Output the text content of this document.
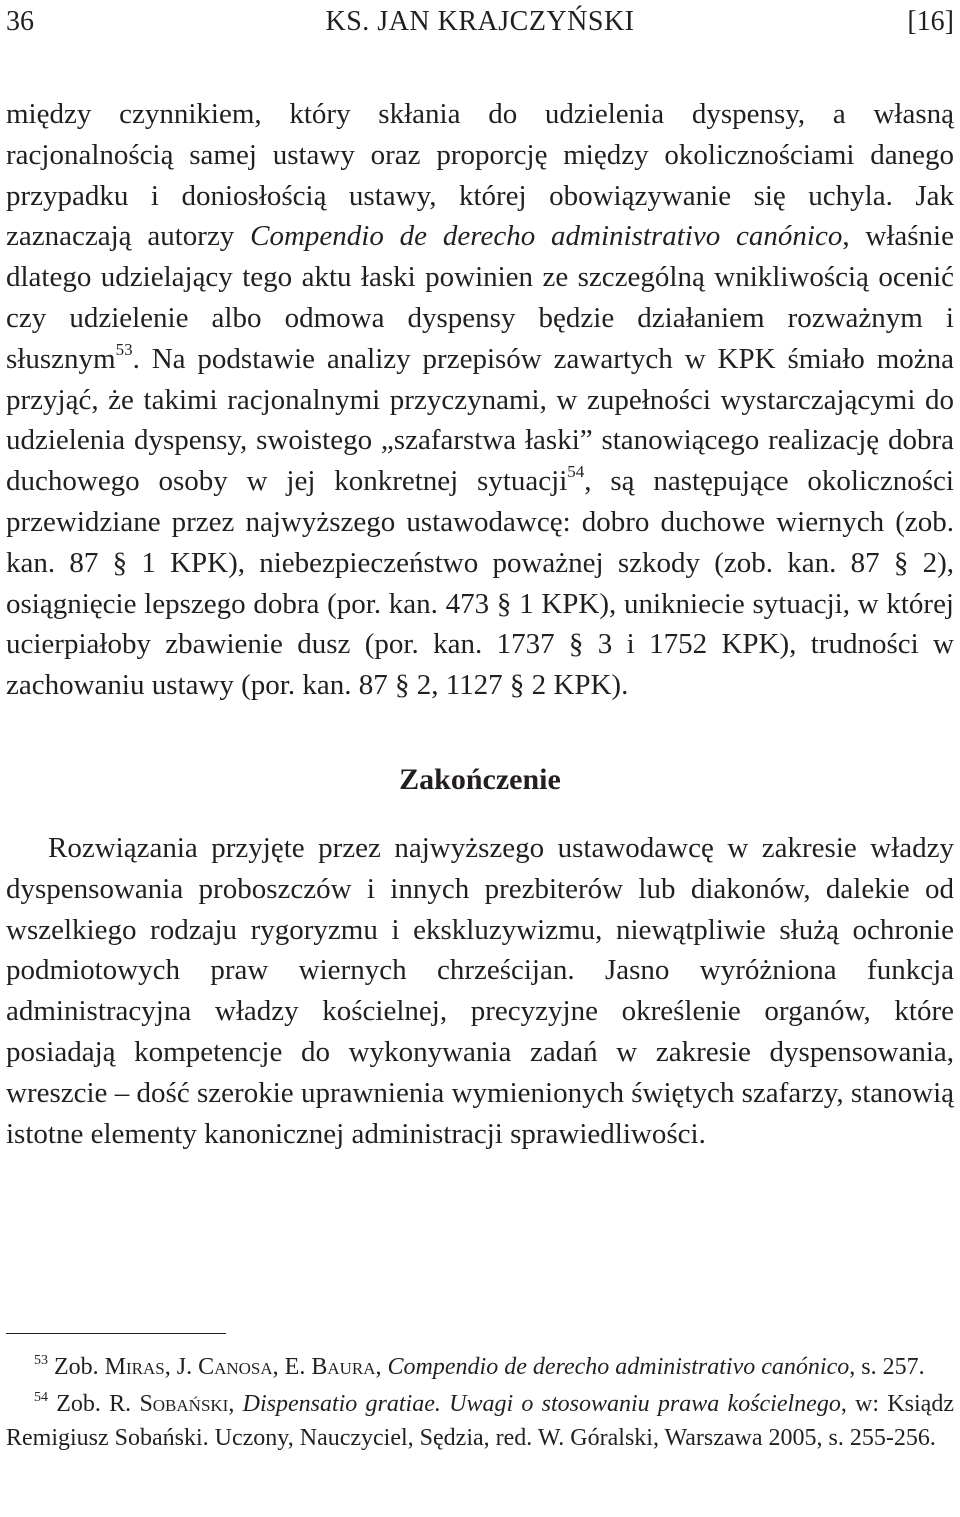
36	KS. JAN KRAJCZYŃSKI	[16]

między czynnikiem, który skłania do udzielenia dyspensy, a własną racjonalnością samej ustawy oraz proporcję między okolicznościami danego przypadku i doniosłością ustawy, której obowiązywanie się uchyla. Jak zaznaczają autorzy Compendio de derecho administrativo canónico, właśnie dlatego udzielający tego aktu łaski powinien ze szczególną wnikliwością ocenić czy udzielenie albo odmowa dyspensy będzie działaniem rozważnym i słusznym$^{53}$. Na podstawie analizy przepisów zawartych w KPK śmiało można przyjąć, że takimi racjonalnymi przyczynami, w zupełności wystarczającymi do udzielenia dyspensy, swoistego „szafarstwa łaski” stanowiącego realizację dobra duchowego osoby w jej konkretnej sytuacji$^{54}$, są następujące okoliczności przewidziane przez najwyższego ustawodawcę: dobro duchowe wiernych (zob. kan. 87 § 1 KPK), niebezpieczeństwo poważnej szkody (zob. kan. 87 § 2), osiągnięcie lepszego dobra (por. kan. 473 § 1 KPK), unikniecie sytuacji, w której ucierpiałoby zbawienie dusz (por. kan. 1737 § 3 i 1752 KPK), trudności w zachowaniu ustawy (por. kan. 87 § 2, 1127 § 2 KPK).

Zakończenie

Rozwiązania przyjęte przez najwyższego ustawodawcę w zakresie władzy dyspensowania proboszczów i innych prezbiterów lub diakonów, dalekie od wszelkiego rodzaju rygoryzmu i ekskluzywizmu, niewątpliwie służą ochronie podmiotowych praw wiernych chrześcijan. Jasno wyróżniona funkcja administracyjna władzy kościelnej, precyzyjne określenie organów, które posiadają kompetencje do wykonywania zadań w zakresie dyspensowania, wreszcie – dość szerokie uprawnienia wymienionych świętych szafarzy, stanowią istotne elementy kanonicznej administracji sprawiedliwości.

$^{53}$ Zob. Miras, J. Canosa, E. Baura, Compendio de derecho administrativo canónico, s. 257.

$^{54}$ Zob. R. Sobański, Dispensatio gratiae. Uwagi o stosowaniu prawa kościelnego, w: Ksiądz Remigiusz Sobański. Uczony, Nauczyciel, Sędzia, red. W. Góralski, Warszawa 2005, s. 255-256.
